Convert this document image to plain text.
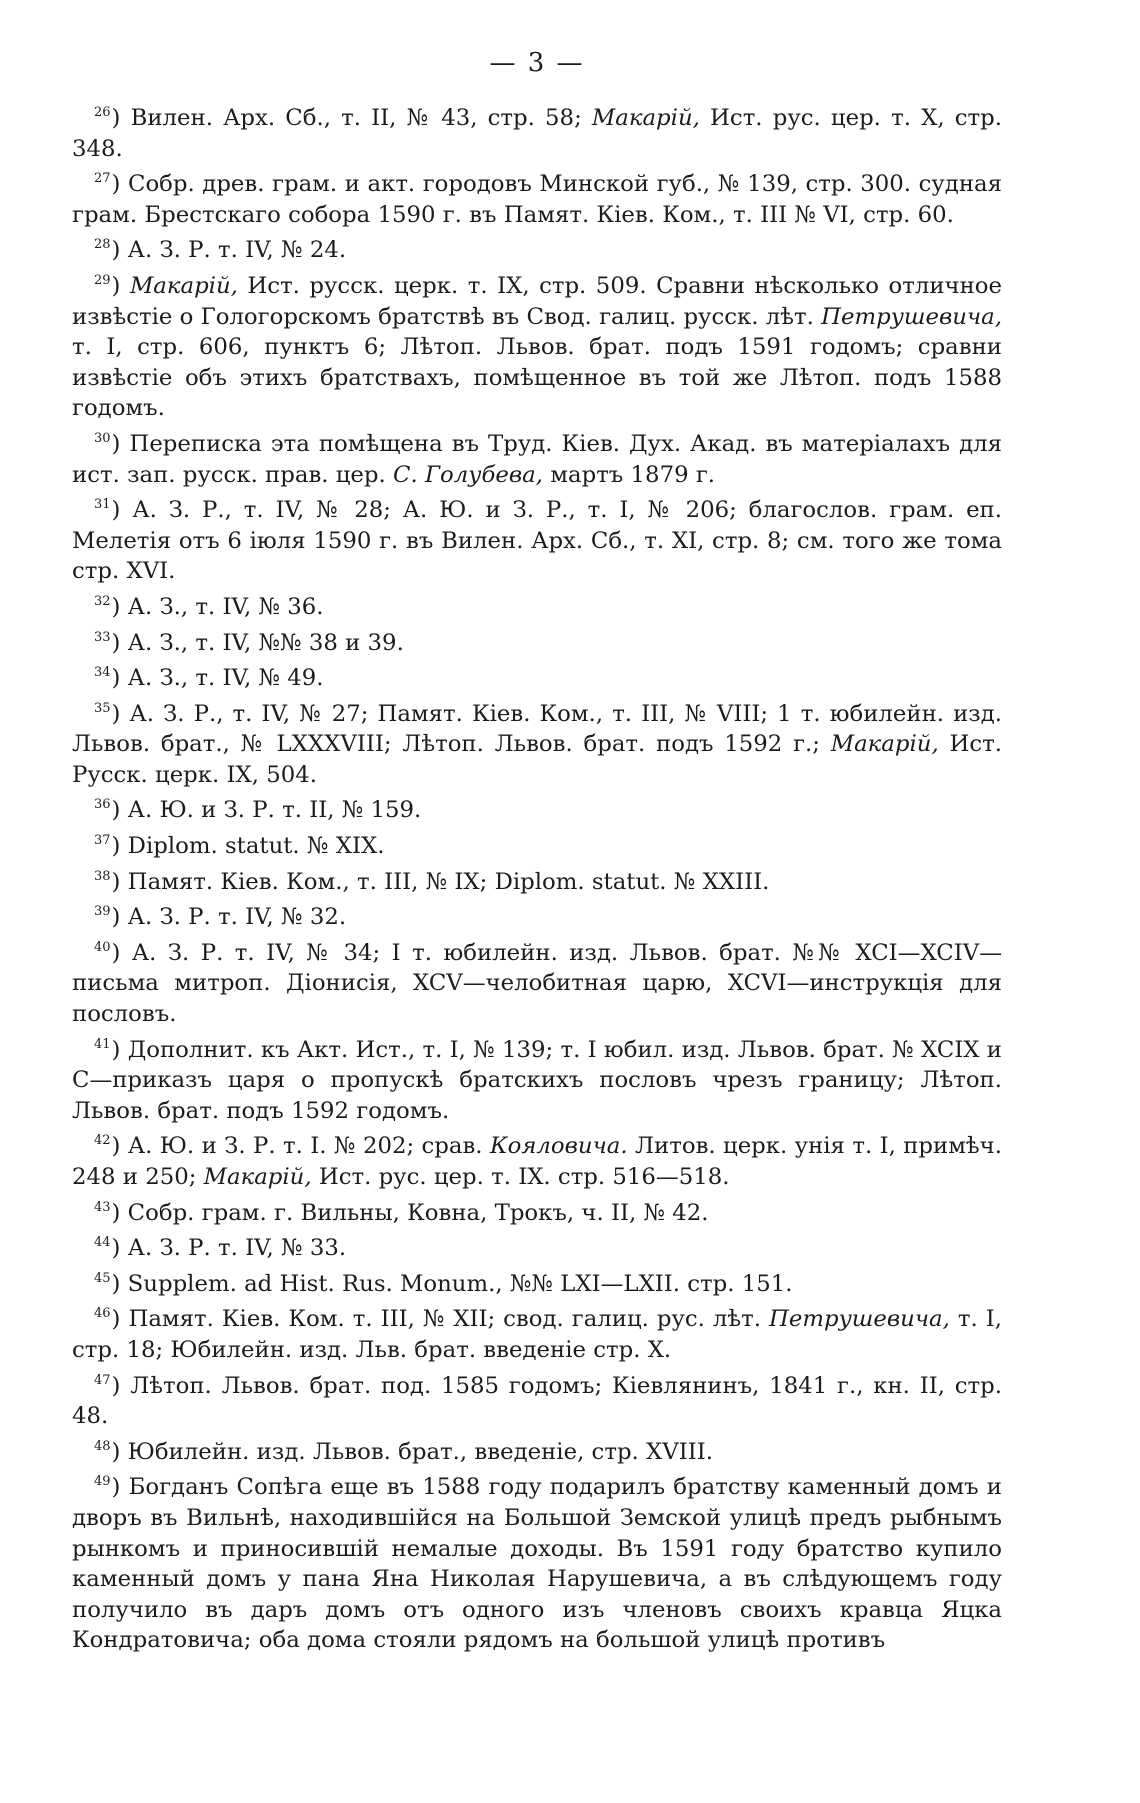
— 3 —

$^{26}$) Вилен. Арх. Сб., т. II, № 43, стр. 58; Макарій, Ист. рус. цер. т. X, стр. 348.

$^{27}$) Собр. древ. грам. и акт. городовъ Минской губ., № 139, стр. 300. судная грам. Брестскаго собора 1590 г. въ Памят. Кіев. Ком., т. III № VI, стр. 60.

$^{28}$) А. З. Р. т. IV, № 24.

$^{29}$) Макарій, Ист. русск. церк. т. IX, стр. 509. Сравни нѣсколько отличное извѣстіе о Гологорскомъ братствѣ въ Свод. галиц. русск. лѣт. Петрушевича, т. I, стр. 606, пунктъ 6; Лѣтоп. Львов. брат. подъ 1591 годомъ; сравни извѣстіе объ этихъ братствахъ, помѣщенное въ той же Лѣтоп. подъ 1588 годомъ.

$^{30}$) Переписка эта помѣщена въ Труд. Кіев. Дух. Акад. въ матеріалахъ для ист. зап. русск. прав. цер. С. Голубева, мартъ 1879 г.

$^{31}$) А. З. Р., т. IV, № 28; А. Ю. и З. Р., т. I, № 206; благослов. грам. еп. Мелетія отъ 6 іюля 1590 г. въ Вилен. Арх. Сб., т. XI, стр. 8; см. того же тома стр. XVI.

$^{32}$) А. З., т. IV, № 36.

$^{33}$) А. З., т. IV, №№ 38 и 39.

$^{34}$) А. З., т. IV, № 49.

$^{35}$) А. З. Р., т. IV, № 27; Памят. Кіев. Ком., т. III, № VIII; 1 т. юбилейн. изд. Львов. брат., № LXXXVIII; Лѣтоп. Львов. брат. подъ 1592 г.; Макарій, Ист. Русск. церк. IX, 504.

$^{36}$) А. Ю. и З. Р. т. II, № 159.

$^{37}$) Diplom. statut. № XIX.

$^{38}$) Памят. Кіев. Ком., т. III, № IX; Diplom. statut. № XXIII.

$^{39}$) А. З. Р. т. IV, № 32.

$^{40}$) А. З. Р. т. IV, № 34; I т. юбилейн. изд. Львов. брат. №№ XCI—XCIV—письма митроп. Діонисія, XCV—челобитная царю, XCVI—инструкція для пословъ.

$^{41}$) Дополнит. къ Акт. Ист., т. I, № 139; т. I юбил. изд. Львов. брат. № XCIX и C—приказъ царя о пропускѣ братскихъ пословъ чрезъ границу; Лѣтоп. Львов. брат. подъ 1592 годомъ.

$^{42}$) А. Ю. и З. Р. т. I. № 202; срав. Кояловича. Литов. церк. унія т. I, примѣч. 248 и 250; Макарій, Ист. рус. цер. т. IX. стр. 516—518.

$^{43}$) Собр. грам. г. Вильны, Ковна, Трокъ, ч. II, № 42.

$^{44}$) А. З. Р. т. IV, № 33.

$^{45}$) Supplem. ad Hist. Rus. Monum., №№ LXI—LXII. стр. 151.

$^{46}$) Памят. Кіев. Ком. т. III, № XII; свод. галиц. рус. лѣт. Петрушевича, т. I, стр. 18; Юбилейн. изд. Льв. брат. введеніе стр. X.

$^{47}$) Лѣтоп. Львов. брат. под. 1585 годомъ; Кіевлянинъ, 1841 г., кн. II, стр. 48.

$^{48}$) Юбилейн. изд. Львов. брат., введеніе, стр. XVIII.

$^{49}$) Богданъ Сопѣга еще въ 1588 году подарилъ братству каменный домъ и дворъ въ Вильнѣ, находившійся на Большой Земской улицѣ предъ рыбнымъ рынкомъ и приносившій немалые доходы. Въ 1591 году братство купило каменный домъ у пана Яна Николая Нарушевича, а въ слѣдующемъ году получило въ даръ домъ отъ одного изъ членовъ своихъ кравца Яцка Кондратовича; оба дома стояли рядомъ на большой улицѣ противъ
